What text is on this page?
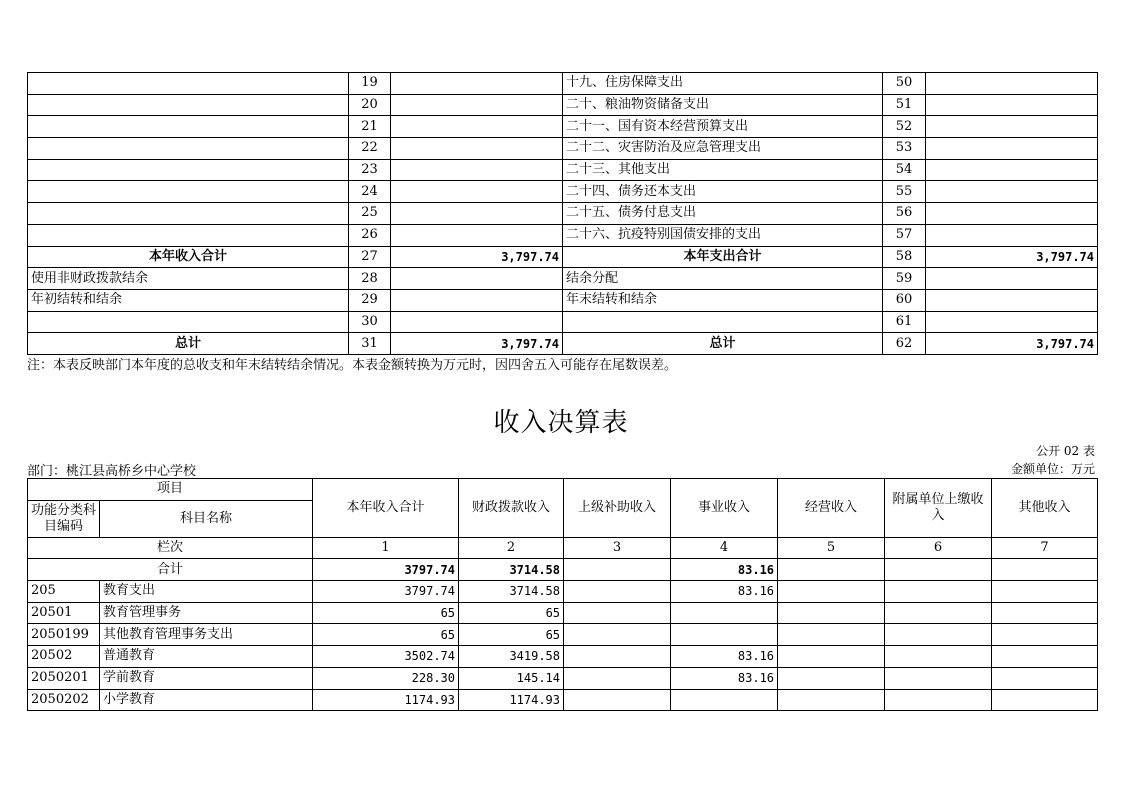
	19		十九、住房保障支出	50	
	20		二十、粮油物资储备支出	51	
	21		二十一、国有资本经营预算支出	52	
	22		二十二、灾害防治及应急管理支出	53	
	23		二十三、其他支出	54	
	24		二十四、债务还本支出	55	
	25		二十五、债务付息支出	56	
	26		二十六、抗疫特别国债安排的支出	57	
本年收入合计	27	3,797.74	本年支出合计	58	3,797.74
使用非财政拨款结余	28		结余分配	59	
年初结转和结余	29		年末结转和结余	60	
	30			61	
总计	31	3,797.74	总计	62	3,797.74
注：本表反映部门本年度的总收支和年末结转结余情况。本表金额转换为万元时，因四舍五入可能存在尾数误差。
收入决算表
公开 02 表
部门：桃江县高桥乡中心学校	金额单位：万元
项目		本年收入合计	财政拨款收入	上级补助收入	事业收入	经营收入	附属单位上缴收入	其他收入
功能分类科目编码	科目名称							
栏次		1	2	3	4	5	6	7
合计		3797.74	3714.58		83.16			
205	教育支出	3797.74	3714.58		83.16			
20501	教育管理事务	65	65					
2050199	其他教育管理事务支出	65	65					
20502	普通教育	3502.74	3419.58		83.16			
2050201	学前教育	228.30	145.14		83.16			
2050202	小学教育	1174.93	1174.93					
